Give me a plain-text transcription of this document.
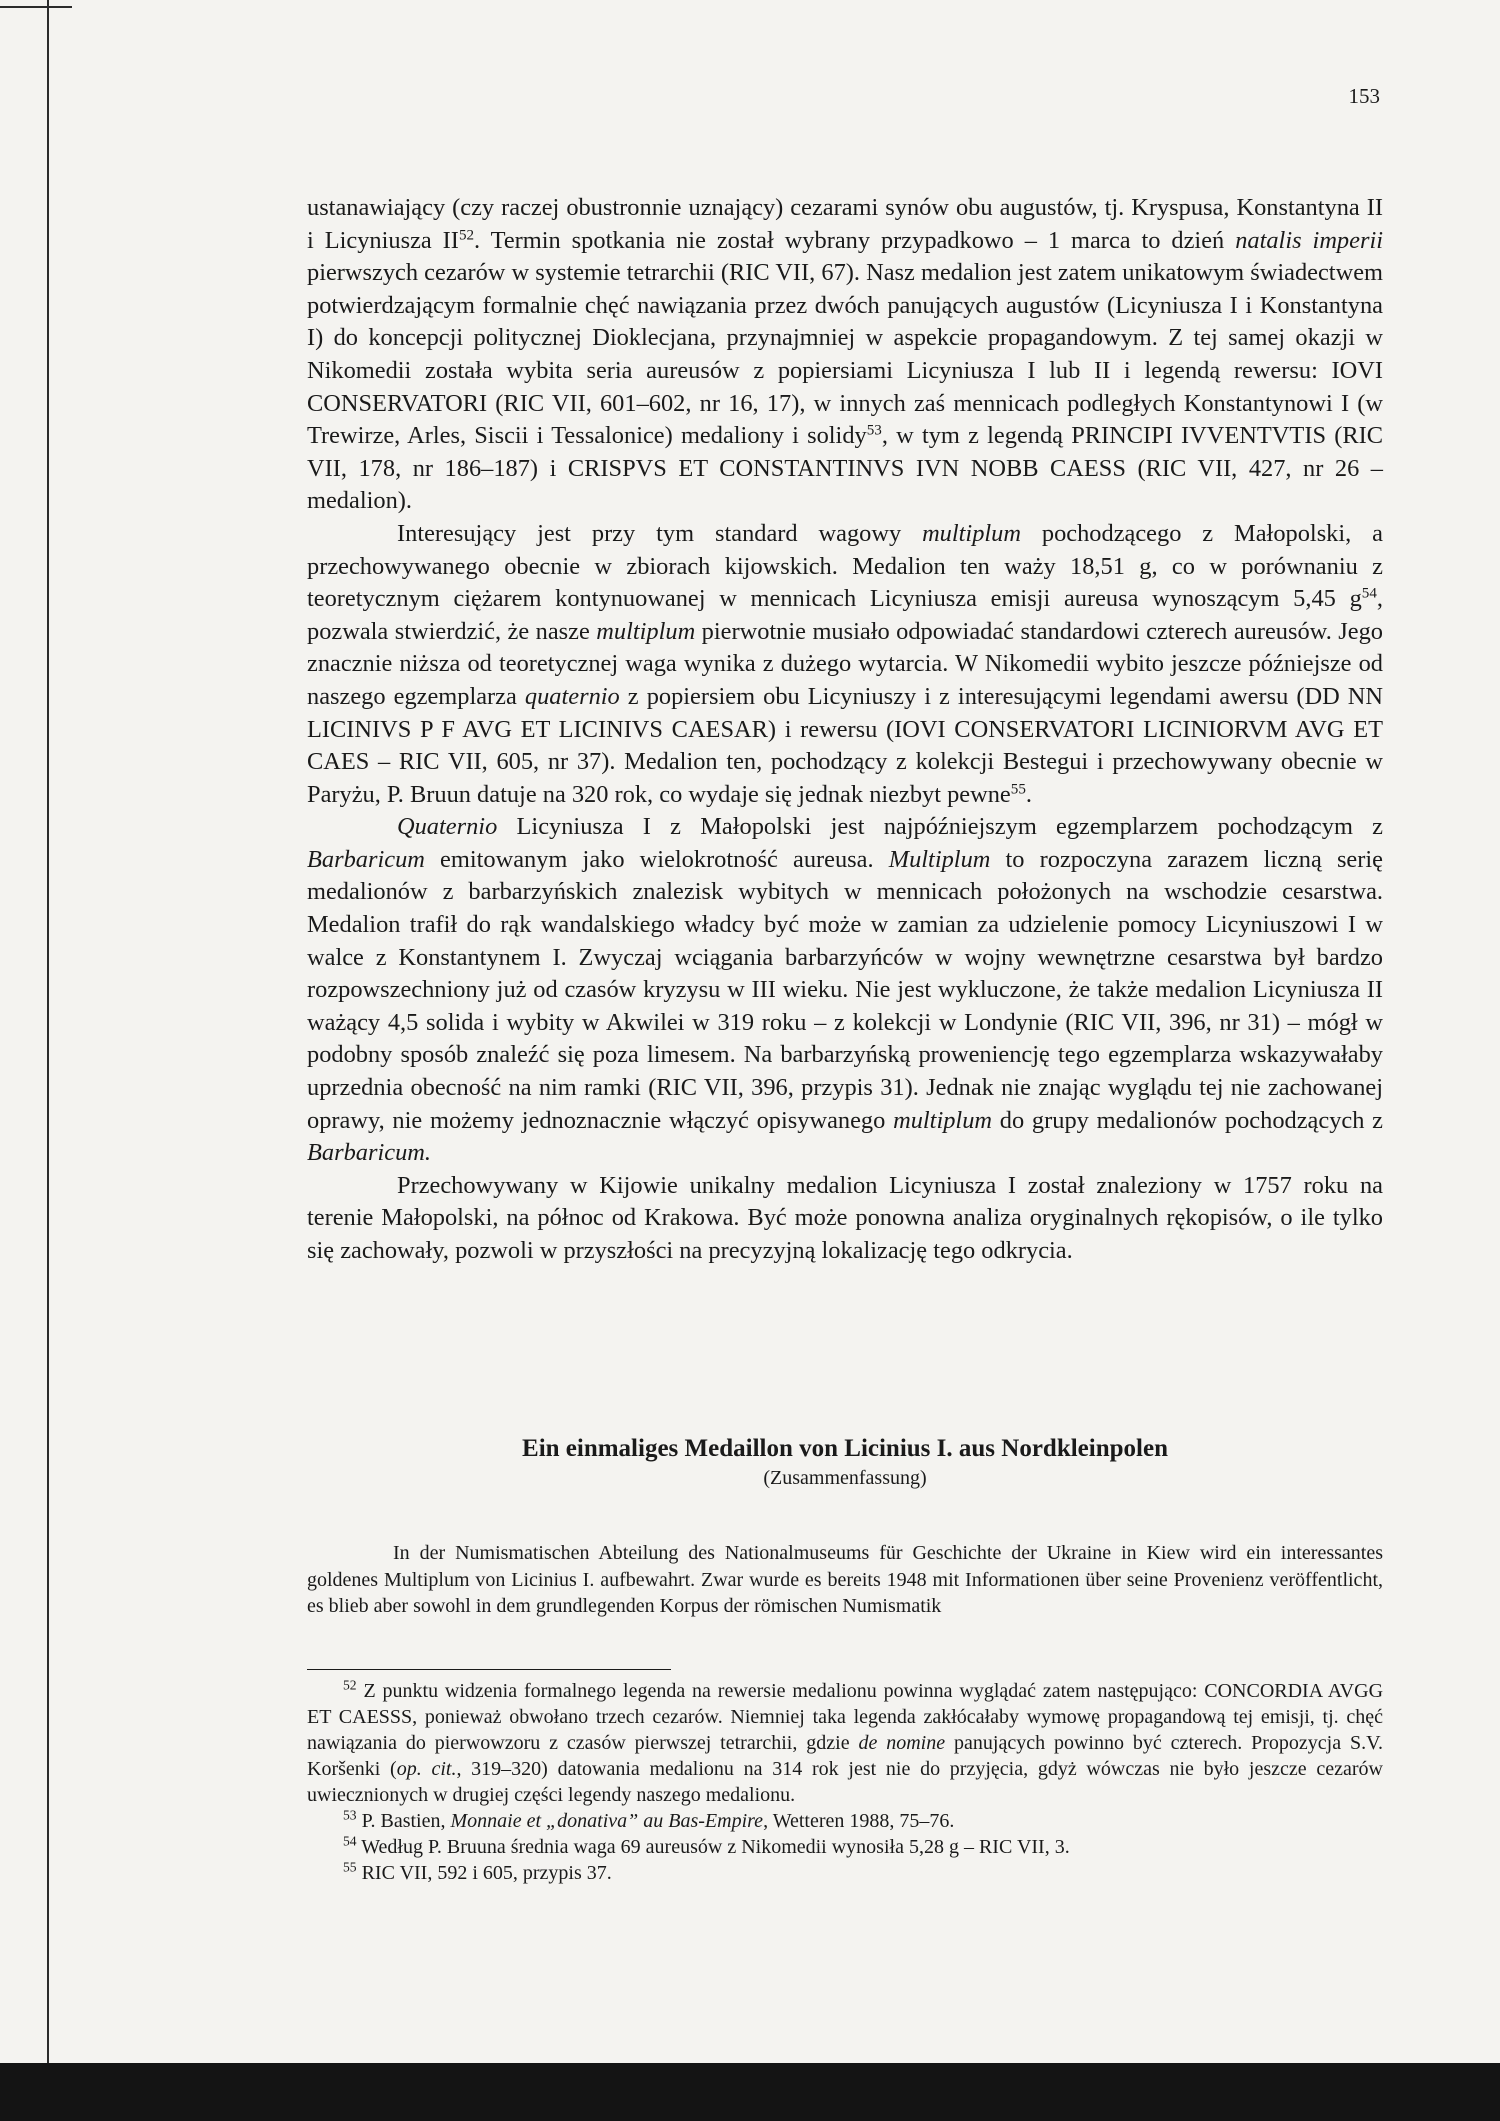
153

ustanawiający (czy raczej obustronnie uznający) cezarami synów obu augustów, tj. Kryspusa, Konstantyna II i Licyniusza II$^{52}$. Termin spotkania nie został wybrany przypadkowo – 1 marca to dzień natalis imperii pierwszych cezarów w systemie tetrarchii (RIC VII, 67). Nasz medalion jest zatem unikatowym świadectwem potwierdzającym formalnie chęć nawiązania przez dwóch panujących augustów (Licyniusza I i Konstantyna I) do koncepcji politycznej Dioklecjana, przynajmniej w aspekcie propagandowym. Z tej samej okazji w Nikomedii została wybita seria aureusów z popiersiami Licyniusza I lub II i legendą rewersu: IOVI CONSERVATORI (RIC VII, 601–602, nr 16, 17), w innych zaś mennicach podległych Konstantynowi I (w Trewirze, Arles, Siscii i Tessalonice) medaliony i solidy$^{53}$, w tym z legendą PRINCIPI IVVENTVTIS (RIC VII, 178, nr 186–187) i CRISPVS ET CONSTANTINVS IVN NOBB CAESS (RIC VII, 427, nr 26 – medalion).

Interesujący jest przy tym standard wagowy multiplum pochodzącego z Małopolski, a przechowywanego obecnie w zbiorach kijowskich. Medalion ten waży 18,51 g, co w porównaniu z teoretycznym ciężarem kontynuowanej w mennicach Licyniusza emisji aureusa wynoszącym 5,45 $g^{54}$, pozwala stwierdzić, że nasze multiplum pierwotnie musiało odpowiadać standardowi czterech aureusów. Jego znacznie niższa od teoretycznej waga wynika z dużego wytarcia. W Nikomedii wybito jeszcze późniejsze od naszego egzemplarza quaternio z popiersiem obu Licyniuszy i z interesującymi legendami awersu (DD NN LICINIVS P F AVG ET LICINIVS CAESAR) i rewersu (IOVI CONSERVATORI LICINIORVM AVG ET CAES – RIC VII, 605, nr 37). Medalion ten, pochodzący z kolekcji Bestegui i przechowywany obecnie w Paryżu, P. Bruun datuje na 320 rok, co wydaje się jednak niezbyt pewne$^{55}$.

Quaternio Licyniusza I z Małopolski jest najpóźniejszym egzemplarzem pochodzącym z Barbaricum emitowanym jako wielokrotność aureusa. Multiplum to rozpoczyna zarazem liczną serię medalionów z barbarzyńskich znalezisk wybitych w mennicach położonych na wschodzie cesarstwa. Medalion trafił do rąk wandalskiego władcy być może w zamian za udzielenie pomocy Licyniuszowi I w walce z Konstantynem I. Zwyczaj wciągania barbarzyńców w wojny wewnętrzne cesarstwa był bardzo rozpowszechniony już od czasów kryzysu w III wieku. Nie jest wykluczone, że także medalion Licyniusza II ważący 4,5 solida i wybity w Akwilei w 319 roku – z kolekcji w Londynie (RIC VII, 396, nr 31) – mógł w podobny sposób znaleźć się poza limesem. Na barbarzyńską proweniencję tego egzemplarza wskazywałaby uprzednia obecność na nim ramki (RIC VII, 396, przypis 31). Jednak nie znając wyglądu tej nie zachowanej oprawy, nie możemy jednoznacznie włączyć opisywanego multiplum do grupy medalionów pochodzących z Barbaricum.

Przechowywany w Kijowie unikalny medalion Licyniusza I został znaleziony w 1757 roku na terenie Małopolski, na północ od Krakowa. Być może ponowna analiza oryginalnych rękopisów, o ile tylko się zachowały, pozwoli w przyszłości na precyzyjną lokalizację tego odkrycia.

Ein einmaliges Medaillon von Licinius I. aus Nordkleinpolen
(Zusammenfassung)

In der Numismatischen Abteilung des Nationalmuseums für Geschichte der Ukraine in Kiew wird ein interessantes goldenes Multiplum von Licinius I. aufbewahrt. Zwar wurde es bereits 1948 mit Informationen über seine Provenienz veröffentlicht, es blieb aber sowohl in dem grundlegenden Korpus der römischen Numismatik

$^{52}$ Z punktu widzenia formalnego legenda na rewersie medalionu powinna wyglądać zatem następująco: CONCORDIA AVGG ET CAESSS, ponieważ obwołano trzech cezarów. Niemniej taka legenda zakłócałaby wymowę propagandową tej emisji, tj. chęć nawiązania do pierwowzoru z czasów pierwszej tetrarchii, gdzie de nomine panujących powinno być czterech. Propozycja S.V. Koršenki (op. cit., 319–320) datowania medalionu na 314 rok jest nie do przyjęcia, gdyż wówczas nie było jeszcze cezarów uwiecznionych w drugiej części legendy naszego medalionu.

$^{53}$ P. Bastien, Monnaie et „donativa” au Bas-Empire, Wetteren 1988, 75–76.

$^{54}$ Według P. Bruuna średnia waga 69 aureusów z Nikomedii wynosiła 5,28 g – RIC VII, 3.

$^{55}$ RIC VII, 592 i 605, przypis 37.
